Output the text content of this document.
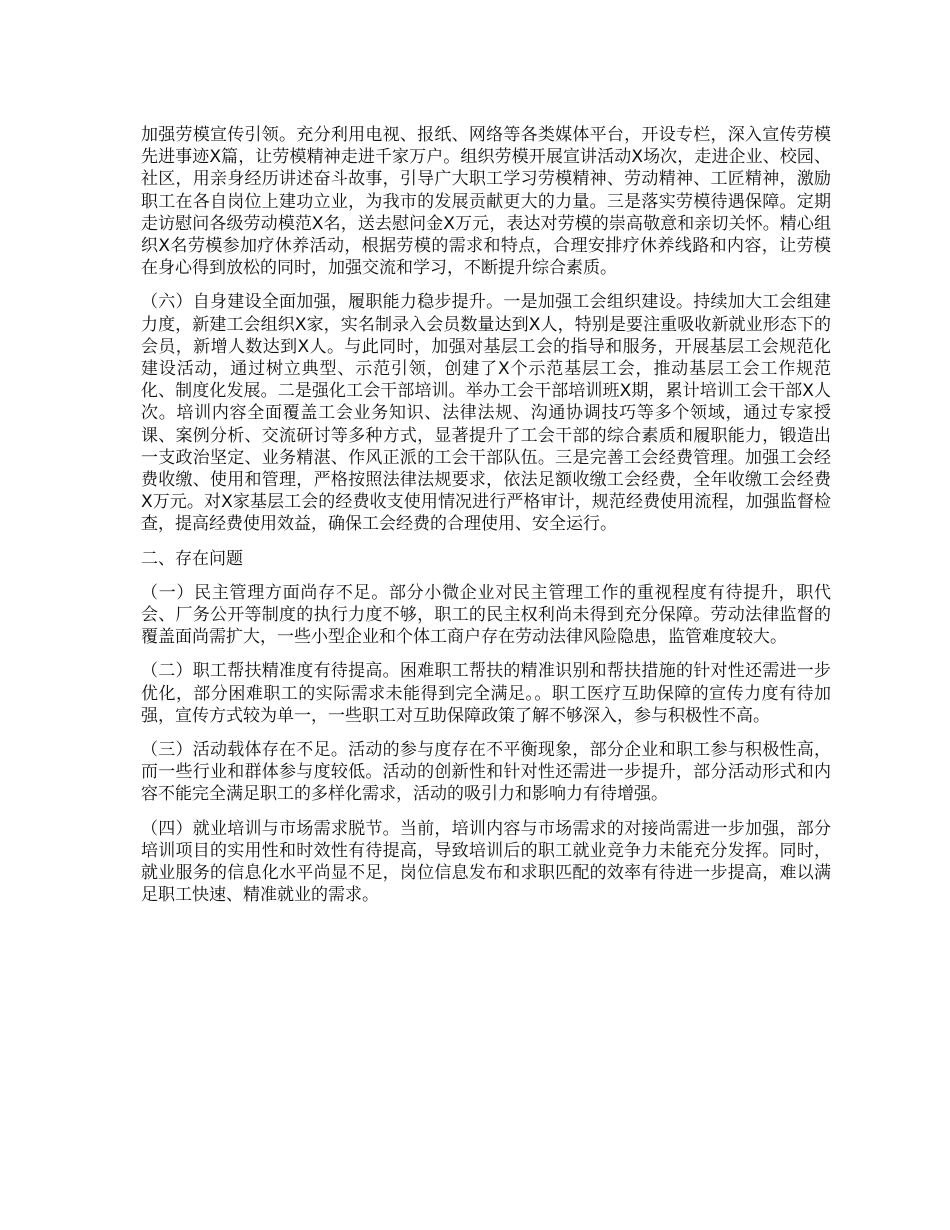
加强劳模宣传引领。充分利用电视、报纸、网络等各类媒体平台，开设专栏，深入宣传劳模先进事迹X篇，让劳模精神走进千家万户。组织劳模开展宣讲活动X场次，走进企业、校园、社区，用亲身经历讲述奋斗故事，引导广大职工学习劳模精神、劳动精神、工匠精神，激励职工在各自岗位上建功立业，为我市的发展贡献更大的力量。三是落实劳模待遇保障。定期走访慰问各级劳动模范X名，送去慰问金X万元，表达对劳模的崇高敬意和亲切关怀。精心组织X名劳模参加疗休养活动，根据劳模的需求和特点，合理安排疗休养线路和内容，让劳模在身心得到放松的同时，加强交流和学习，不断提升综合素质。

（六）自身建设全面加强，履职能力稳步提升。一是加强工会组织建设。持续加大工会组建力度，新建工会组织X家，实名制录入会员数量达到X人，特别是要注重吸收新就业形态下的会员，新增人数达到X人。与此同时，加强对基层工会的指导和服务，开展基层工会规范化建设活动，通过树立典型、示范引领，创建了X个示范基层工会，推动基层工会工作规范化、制度化发展。二是强化工会干部培训。举办工会干部培训班X期，累计培训工会干部X人次。培训内容全面覆盖工会业务知识、法律法规、沟通协调技巧等多个领域，通过专家授课、案例分析、交流研讨等多种方式，显著提升了工会干部的综合素质和履职能力，锻造出一支政治坚定、业务精湛、作风正派的工会干部队伍。三是完善工会经费管理。加强工会经费收缴、使用和管理，严格按照法律法规要求，依法足额收缴工会经费，全年收缴工会经费X万元。对X家基层工会的经费收支使用情况进行严格审计，规范经费使用流程，加强监督检查，提高经费使用效益，确保工会经费的合理使用、安全运行。

二、存在问题

（一）民主管理方面尚存不足。部分小微企业对民主管理工作的重视程度有待提升，职代会、厂务公开等制度的执行力度不够，职工的民主权利尚未得到充分保障。劳动法律监督的覆盖面尚需扩大，一些小型企业和个体工商户存在劳动法律风险隐患，监管难度较大。

（二）职工帮扶精准度有待提高。困难职工帮扶的精准识别和帮扶措施的针对性还需进一步优化，部分困难职工的实际需求未能得到完全满足。。职工医疗互助保障的宣传力度有待加强，宣传方式较为单一，一些职工对互助保障政策了解不够深入，参与积极性不高。

（三）活动载体存在不足。活动的参与度存在不平衡现象，部分企业和职工参与积极性高，而一些行业和群体参与度较低。活动的创新性和针对性还需进一步提升，部分活动形式和内容不能完全满足职工的多样化需求，活动的吸引力和影响力有待增强。

（四）就业培训与市场需求脱节。当前，培训内容与市场需求的对接尚需进一步加强，部分培训项目的实用性和时效性有待提高，导致培训后的职工就业竞争力未能充分发挥。同时，就业服务的信息化水平尚显不足，岗位信息发布和求职匹配的效率有待进一步提高，难以满足职工快速、精准就业的需求。
